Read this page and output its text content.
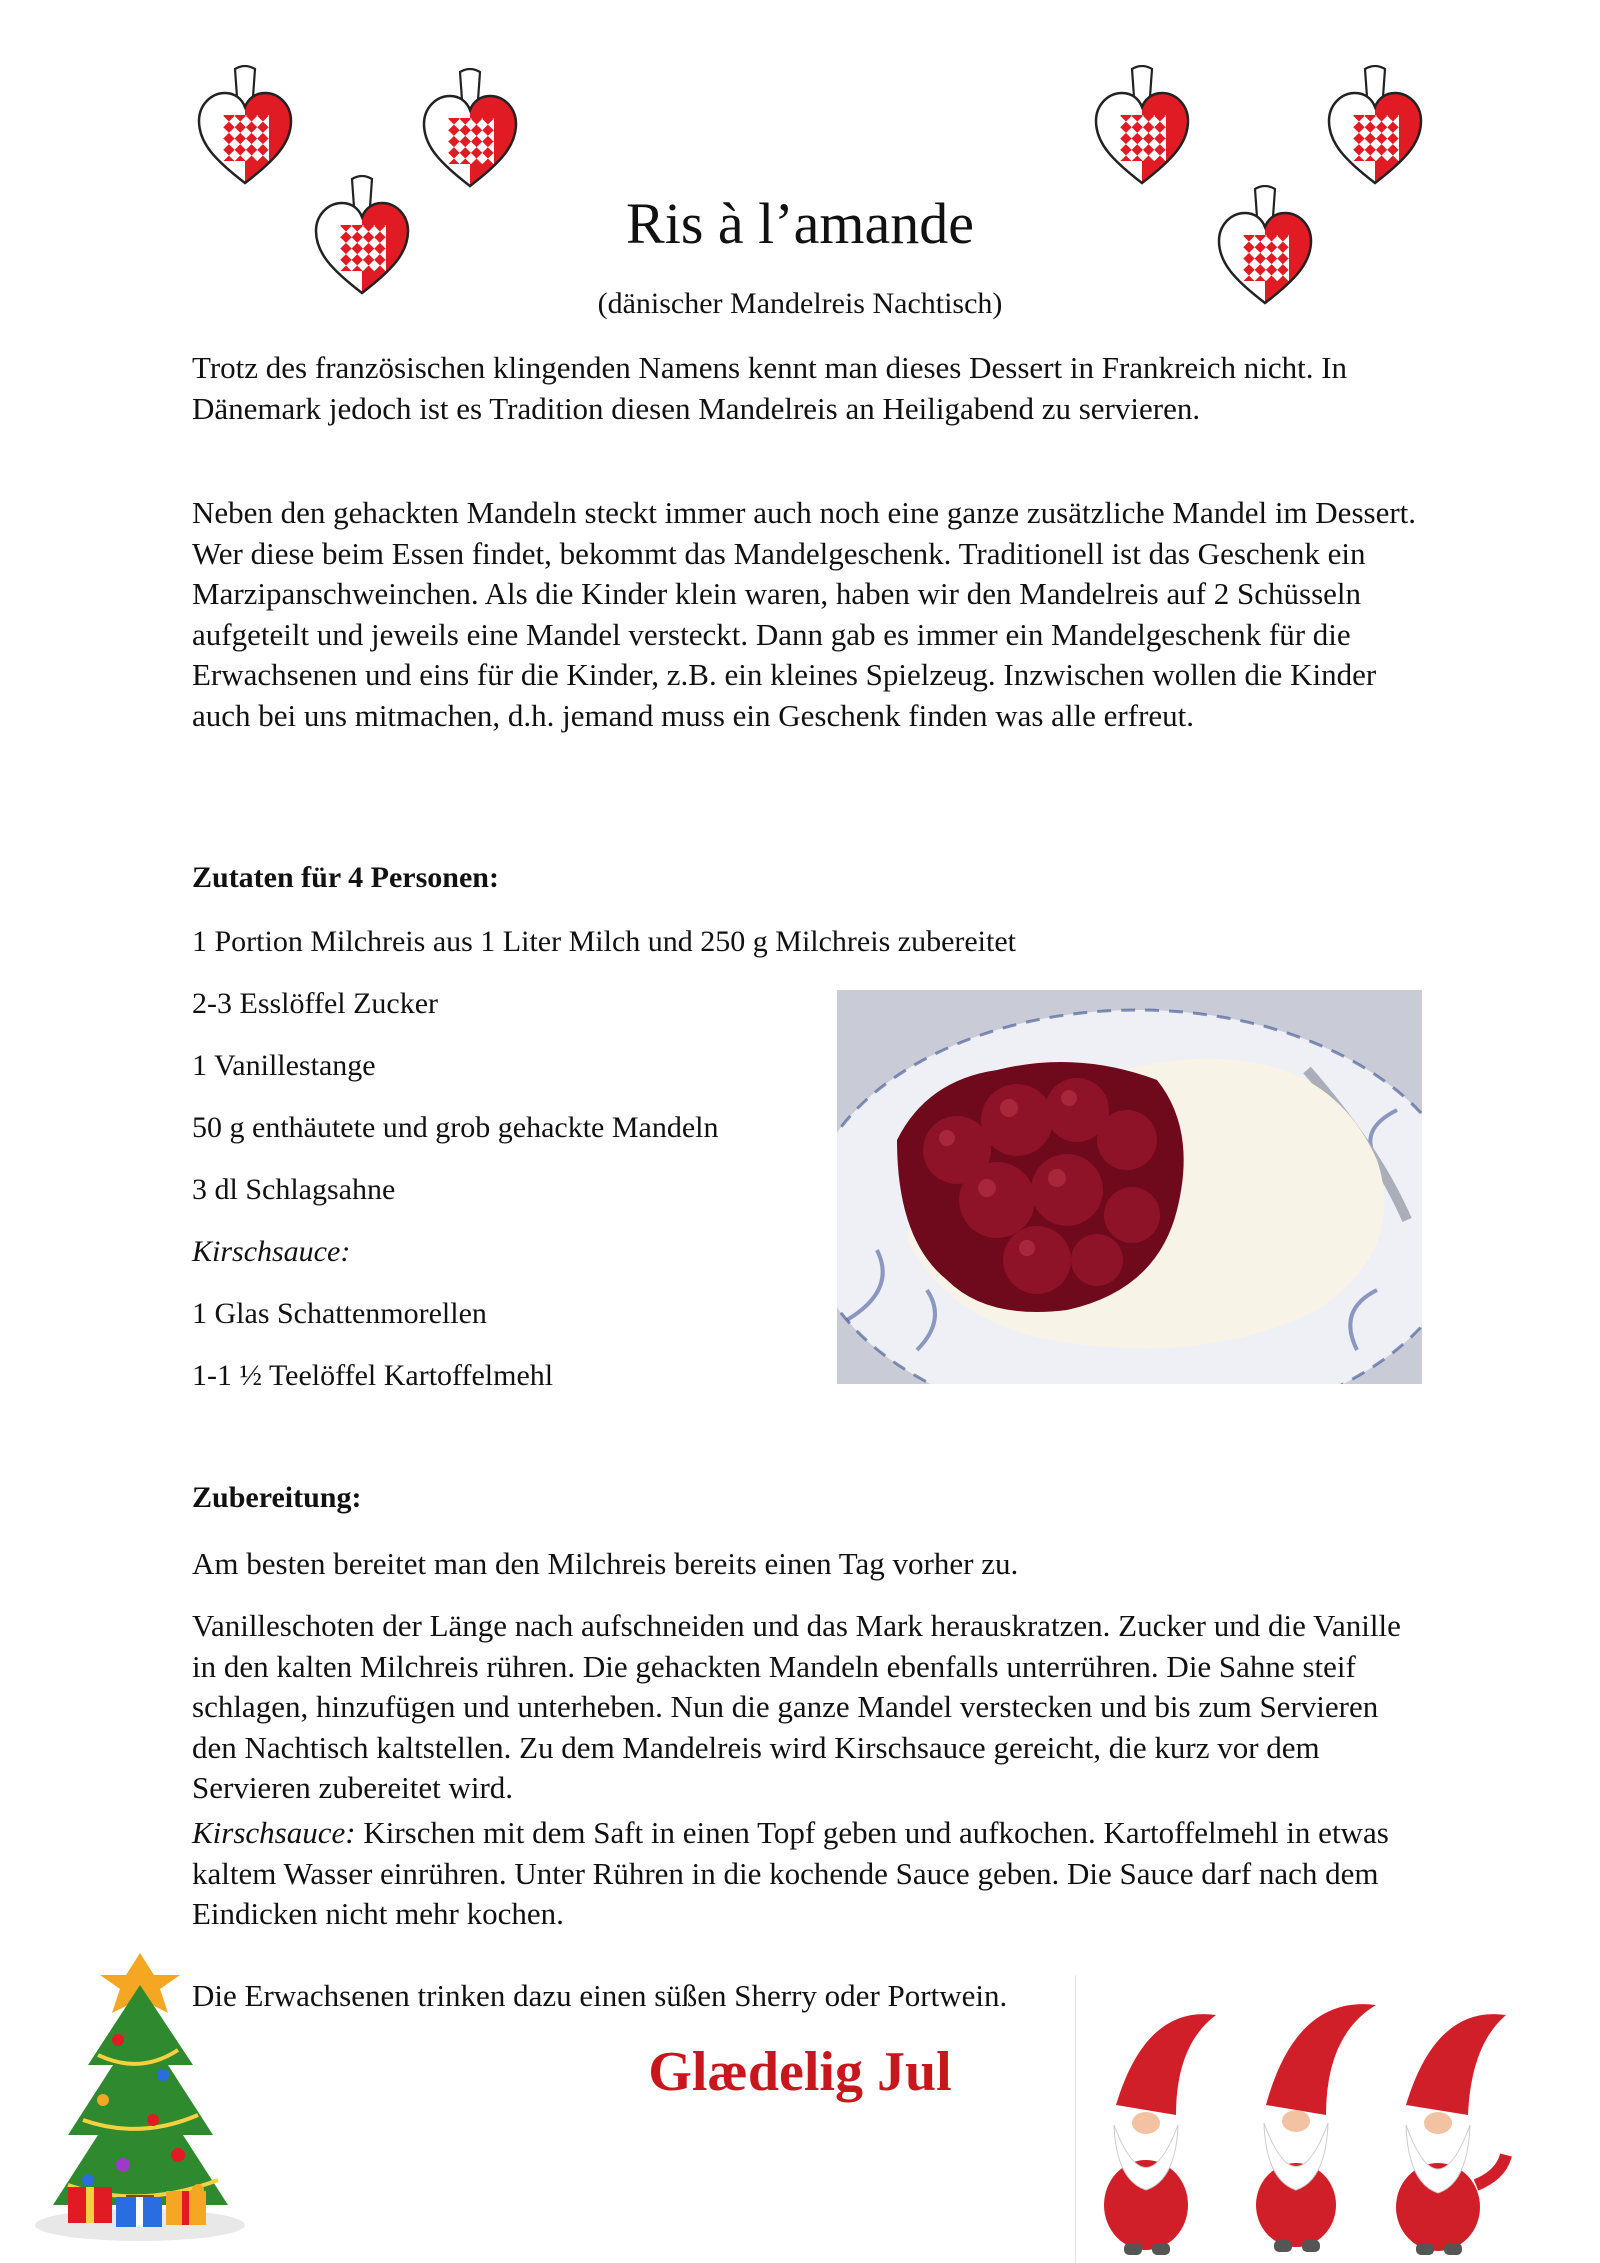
Ris à l’amande

(dänischer Mandelreis Nachtisch)

Trotz des französischen klingenden Namens kennt man dieses Dessert in Frankreich nicht. In Dänemark jedoch ist es Tradition diesen Mandelreis an Heiligabend zu servieren.

Neben den gehackten Mandeln steckt immer auch noch eine ganze zusätzliche Mandel im Dessert. Wer diese beim Essen findet, bekommt das Mandelgeschenk. Traditionell ist das Geschenk ein Marzipanschweinchen. Als die Kinder klein waren, haben wir den Mandelreis auf 2 Schüsseln aufgeteilt und jeweils eine Mandel versteckt. Dann gab es immer ein Mandelgeschenk für die Erwachsenen und eins für die Kinder, z.B. ein kleines Spielzeug. Inzwischen wollen die Kinder auch bei uns mitmachen, d.h. jemand muss ein Geschenk finden was alle erfreut.

Zutaten für 4 Personen:

1 Portion Milchreis aus 1 Liter Milch und 250 g Milchreis zubereitet

2-3 Esslöffel Zucker

1 Vanillestange

50 g enthäutete und grob gehackte Mandeln

3 dl Schlagsahne

Kirschsauce:

1 Glas Schattenmorellen

1-1 ½ Teelöffel Kartoffelmehl

Zubereitung:

Am besten bereitet man den Milchreis bereits einen Tag vorher zu.

Vanilleschoten der Länge nach aufschneiden und das Mark herauskratzen. Zucker und die Vanille in den kalten Milchreis rühren. Die gehackten Mandeln ebenfalls unterrühren. Die Sahne steif schlagen, hinzufügen und unterheben. Nun die ganze Mandel verstecken und bis zum Servieren den Nachtisch kaltstellen. Zu dem Mandelreis wird Kirschsauce gereicht, die kurz vor dem Servieren zubereitet wird.

Kirschsauce: Kirschen mit dem Saft in einen Topf geben und aufkochen. Kartoffelmehl in etwas kaltem Wasser einrühren. Unter Rühren in die kochende Sauce geben. Die Sauce darf nach dem Eindicken nicht mehr kochen.

Die Erwachsenen trinken dazu einen süßen Sherry oder Portwein.

Glædelig Jul
